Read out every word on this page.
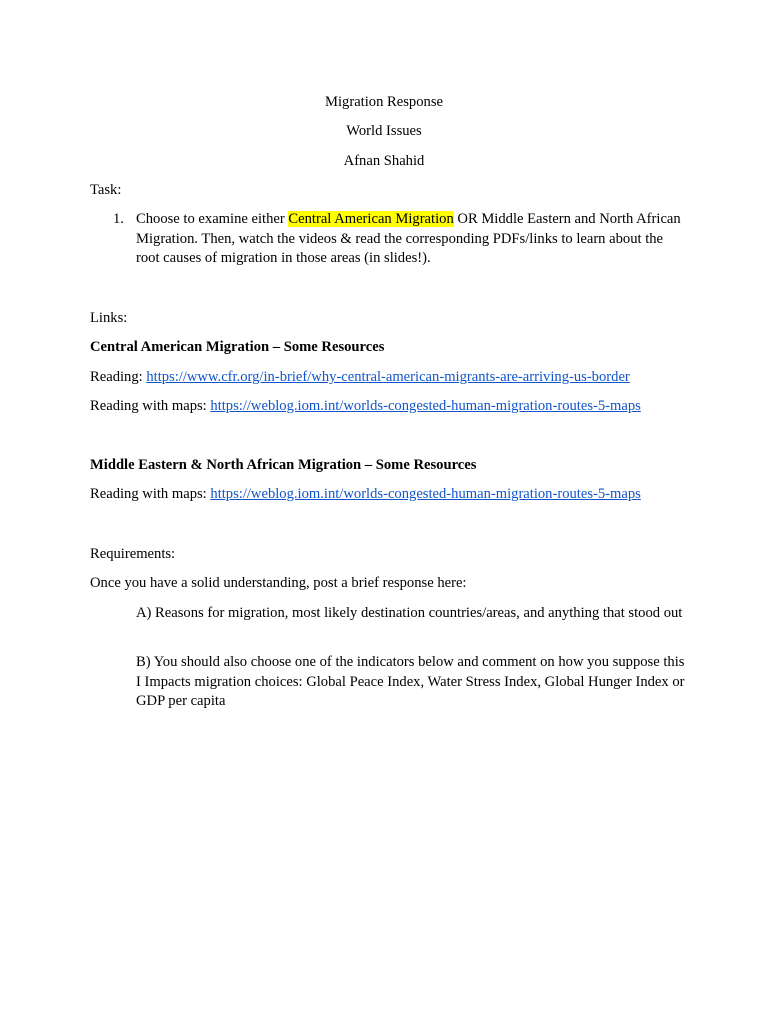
Migration Response
World Issues
Afnan Shahid
Task:
1. Choose to examine either Central American Migration OR Middle Eastern and North African Migration. Then, watch the videos & read the corresponding PDFs/links to learn about the root causes of migration in those areas (in slides!).
Links:
Central American Migration – Some Resources
Reading: https://www.cfr.org/in-brief/why-central-american-migrants-are-arriving-us-border
Reading with maps: https://weblog.iom.int/worlds-congested-human-migration-routes-5-maps
Middle Eastern & North African Migration – Some Resources
Reading with maps: https://weblog.iom.int/worlds-congested-human-migration-routes-5-maps
Requirements:
Once you have a solid understanding, post a brief response here:
A) Reasons for migration, most likely destination countries/areas, and anything that stood out
B) You should also choose one of the indicators below and comment on how you suppose this I Impacts migration choices: Global Peace Index, Water Stress Index, Global Hunger Index or GDP per capita
